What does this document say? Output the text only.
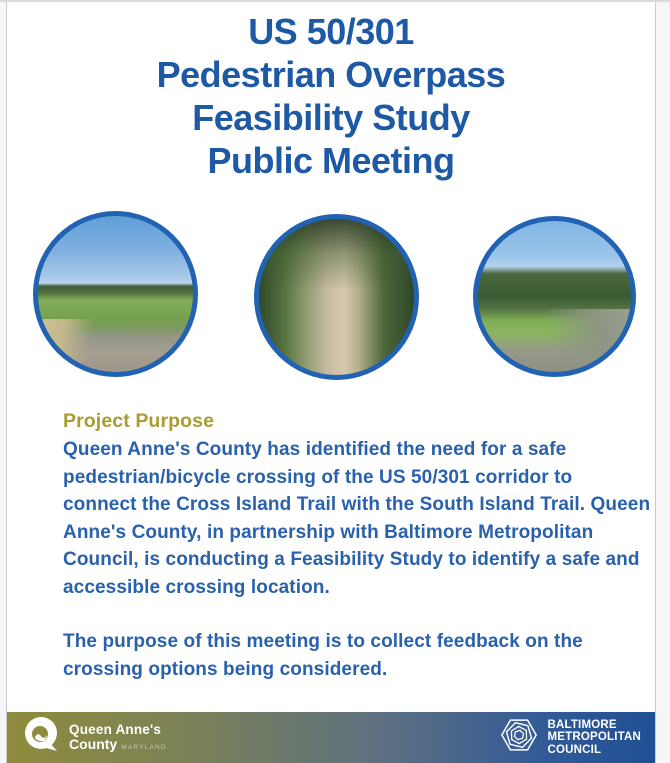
US 50/301
Pedestrian Overpass
Feasibility Study
Public Meeting
Project Purpose

Queen Anne's County has identified the need for a safe pedestrian/bicycle crossing of the US 50/301 corridor to connect the Cross Island Trail with the South Island Trail. Queen Anne's County, in partnership with Baltimore Metropolitan Council, is conducting a Feasibility Study to identify a safe and accessible crossing location.

The purpose of this meeting is to collect feedback on the crossing options being considered.

Queen Anne's
County MARYLAND
BALTIMORE
METROPOLITAN
COUNCIL
